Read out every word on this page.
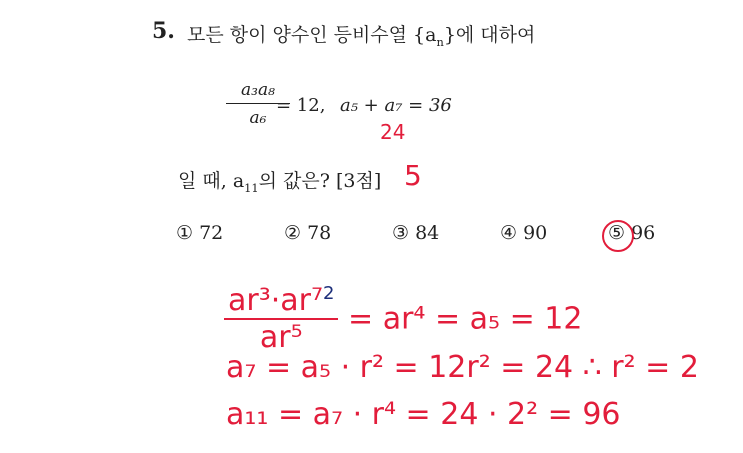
5. 모든 항이 양수인 등비수열 $\{a_n\}$에 대하여
$\frac{\text{a₃a₈}}{\text{a₆}}$
= 12, a₅ + a₇ = 36
24
일 때, $a_{11}$의 값은? [3점] 5
① 72	② 78	③ 84	④ 90	⑤ 96
$\frac{ar^3\cdot ar^7^2}{\text{ar⁵}} = ar^4 = a_5 = 12$
a₇ = a₅ · r² = 12r² = 24 ∴ r² = 2
a₁₁ = a₇ · r⁴ = 24 · 2² = 96
